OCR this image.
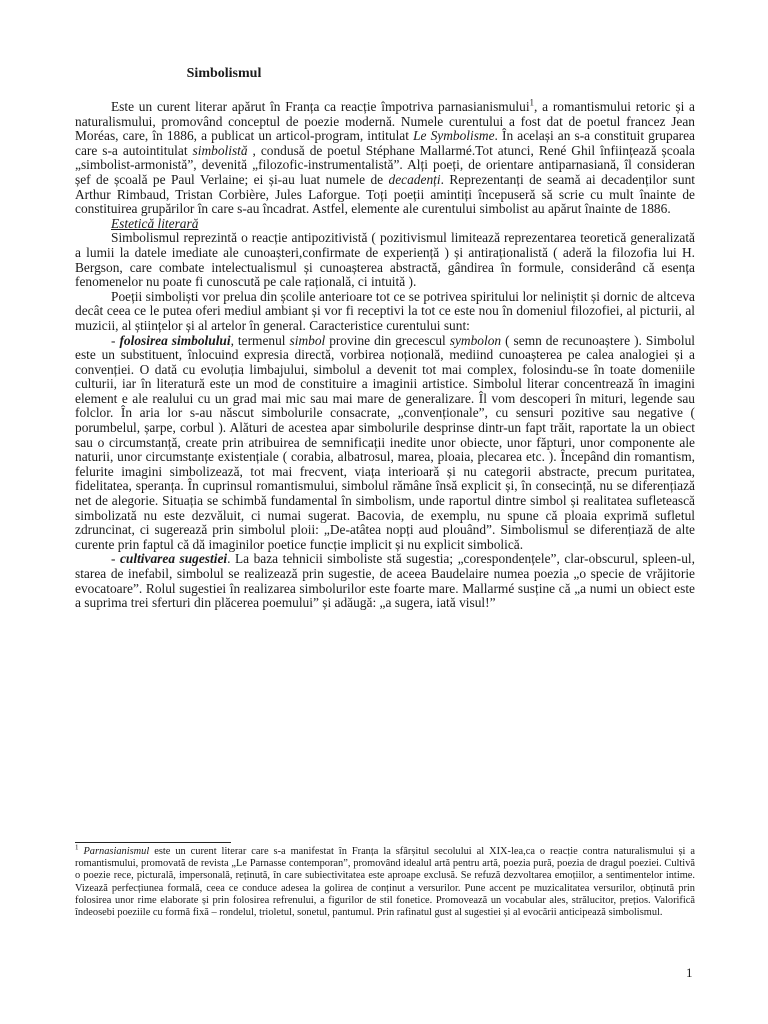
Simbolismul

Este un curent literar apărut în Franța ca reacție împotriva parnasianismului$^1$, a romantismului retoric și a naturalismului, promovând conceptul de poezie modernă. Numele curentului a fost dat de poetul francez Jean Moréas, care, în 1886, a publicat un articol-program, intitulat Le Symbolisme. În același an s-a constituit gruparea care s-a autointitulat simbolistă , condusă de poetul Stéphane Mallarmé.Tot atunci, René Ghil înființează școala „simbolist-armonistă”, devenită „filozofic-instrumentalistă”. Alți poeți, de orientare antiparnasiană, îl consideran șef de școală pe Paul Verlaine; ei și-au luat numele de decadenți. Reprezentanți de seamă ai decadenților sunt Arthur Rimbaud, Tristan Corbière, Jules Laforgue. Toți poeții amintiți începuseră să scrie cu mult înainte de constituirea grupărilor în care s-au încadrat. Astfel, elemente ale curentului simbolist au apărut înainte de 1886.

Estetică literară

Simbolismul reprezintă o reacție antipozitivistă ( pozitivismul limitează reprezentarea teoretică generalizată a lumii la datele imediate ale cunoașteri,confirmate de experiență ) și antiraționalistă ( aderă la filozofia lui H. Bergson, care combate intelectualismul și cunoașterea abstractă, gândirea în formule, considerând că esența fenomenelor nu poate fi cunoscută pe cale rațională, ci intuită ).

Poeții simboliști vor prelua din școlile anterioare tot ce se potrivea spiritului lor neliniștit și dornic de altceva decât ceea ce le putea oferi mediul ambiant și vor fi receptivi la tot ce este nou în domeniul filozofiei, al picturii, al muzicii, al științelor și al artelor în general. Caracteristice curentului sunt:

- folosirea simbolului, termenul simbol provine din grecescul symbolon ( semn de recunoaștere ). Simbolul este un substituent, înlocuind expresia directă, vorbirea noțională, mediind cunoașterea pe calea analogiei și a convenției. O dată cu evoluția limbajului, simbolul a devenit tot mai complex, folosindu-se în toate domeniile culturii, iar în literatură este un mod de constituire a imaginii artistice. Simbolul literar concentrează în imagini element e ale realului cu un grad mai mic sau mai mare de generalizare. Îl vom descoperi în mituri, legende sau folclor. În aria lor s-au născut simbolurile consacrate, „convenționale”, cu sensuri pozitive sau negative ( porumbelul, șarpe, corbul ). Alături de acestea apar simbolurile desprinse dintr-un fapt trăit, raportate la un obiect sau o circumstanță, create prin atribuirea de semnificații inedite unor obiecte, unor făpturi, unor componente ale naturii, unor circumstanțe existențiale ( corabia, albatrosul, marea, ploaia, plecarea etc. ). Începând din romantism, felurite imagini simbolizează, tot mai frecvent, viața interioară și nu categorii abstracte, precum puritatea, fidelitatea, speranța. În cuprinsul romantismului, simbolul rămâne însă explicit și, în consecință, nu se diferențiază net de alegorie. Situația se schimbă fundamental în simbolism, unde raportul dintre simbol și realitatea sufletească simbolizată nu este dezvăluit, ci numai sugerat. Bacovia, de exemplu, nu spune că ploaia exprimă sufletul zdruncinat, ci sugerează prin simbolul ploii: „De-atâtea nopți aud plouând”. Simbolismul se diferențiază de alte curente prin faptul că dă imaginilor poetice funcție implicit și nu explicit simbolică.

- cultivarea sugestiei. La baza tehnicii simboliste stă sugestia; „corespondențele”, clar-obscurul, spleen-ul, starea de inefabil, simbolul se realizează prin sugestie, de aceea Baudelaire numea poezia „o specie de vrăjitorie evocatoare”. Rolul sugestiei în realizarea simbolurilor este foarte mare. Mallarmé susține că „a numi un obiect este a suprima trei sferturi din plăcerea poemului” și adăugă: „a sugera, iată visul!”

$^1$ Parnasianismul este un curent literar care s-a manifestat în Franța la sfârșitul secolului al XIX-lea,ca o reacție contra naturalismului și a romantismului, promovată de revista „Le Parnasse contemporan”, promovând idealul artă pentru artă, poezia pură, poezia de dragul poeziei. Cultivă o poezie rece, picturală, impersonală, reținută, în care subiectivitatea este aproape exclusă. Se refuză dezvoltarea emoțiilor, a sentimentelor intime. Vizează perfecțiunea formală, ceea ce conduce adesea la golirea de conținut a versurilor. Pune accent pe muzicalitatea versurilor, obținută prin folosirea unor rime elaborate și prin folosirea refrenului, a figurilor de stil fonetice. Promovează un vocabular ales, strălucitor, prețios. Valorifică îndeosebi poeziile cu formă fixă – rondelul, trioletul, sonetul, pantumul. Prin rafinatul gust al sugestiei și al evocării anticipează simbolismul.
1
